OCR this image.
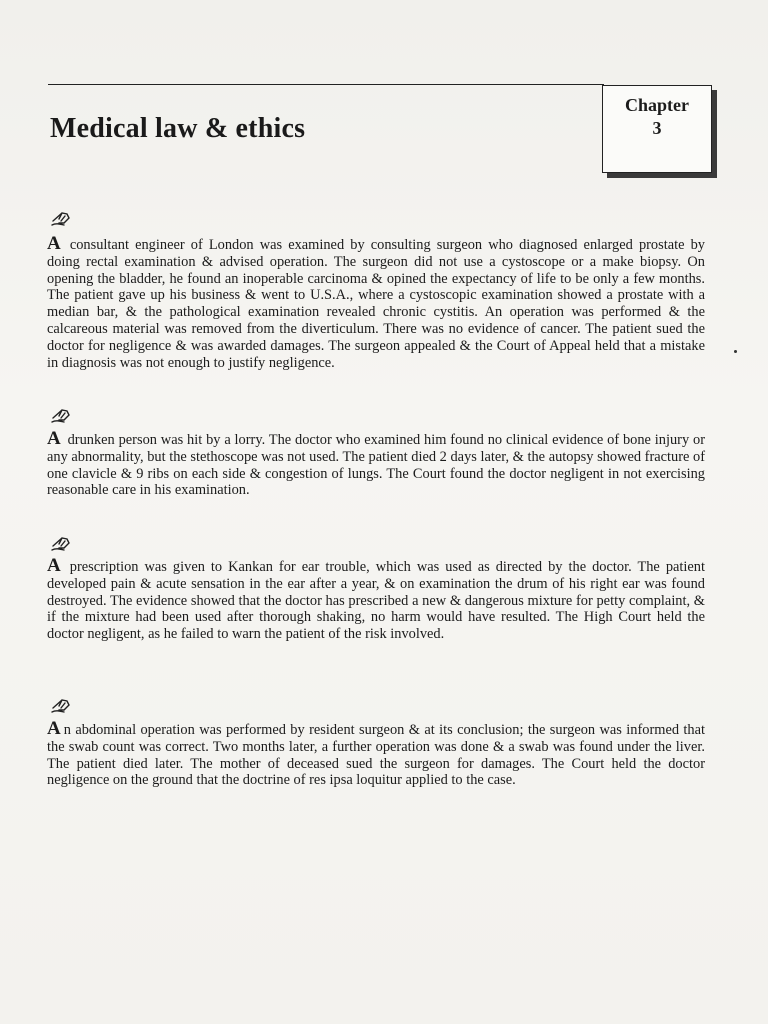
Medical law & ethics
Chapter
3

A consultant engineer of London was examined by consulting surgeon who diagnosed enlarged prostate by doing rectal examination & advised operation. The surgeon did not use a cystoscope or a make biopsy. On opening the bladder, he found an inoperable carcinoma & opined the expectancy of life to be only a few months. The patient gave up his business & went to U.S.A., where a cystoscopic examination showed a prostate with a median bar, & the pathological examination revealed chronic cystitis. An operation was performed & the calcareous material was removed from the diverticulum. There was no evidence of cancer. The patient sued the doctor for negligence & was awarded damages. The surgeon appealed & the Court of Appeal held that a mistake in diagnosis was not enough to justify negligence.

A drunken person was hit by a lorry. The doctor who examined him found no clinical evidence of bone injury or any abnormality, but the stethoscope was not used. The patient died 2 days later, & the autopsy showed fracture of one clavicle & 9 ribs on each side & congestion of lungs. The Court found the doctor negligent in not exercising reasonable care in his examination.

A prescription was given to Kankan for ear trouble, which was used as directed by the doctor. The patient developed pain & acute sensation in the ear after a year, & on examination the drum of his right ear was found destroyed. The evidence showed that the doctor has prescribed a new & dangerous mixture for petty complaint, & if the mixture had been used after thorough shaking, no harm would have resulted. The High Court held the doctor negligent, as he failed to warn the patient of the risk involved.

A n abdominal operation was performed by resident surgeon & at its conclusion; the surgeon was informed that the swab count was correct. Two months later, a further operation was done & a swab was found under the liver. The patient died later. The mother of deceased sued the surgeon for damages. The Court held the doctor negligence on the ground that the doctrine of res ipsa loquitur applied to the case.
